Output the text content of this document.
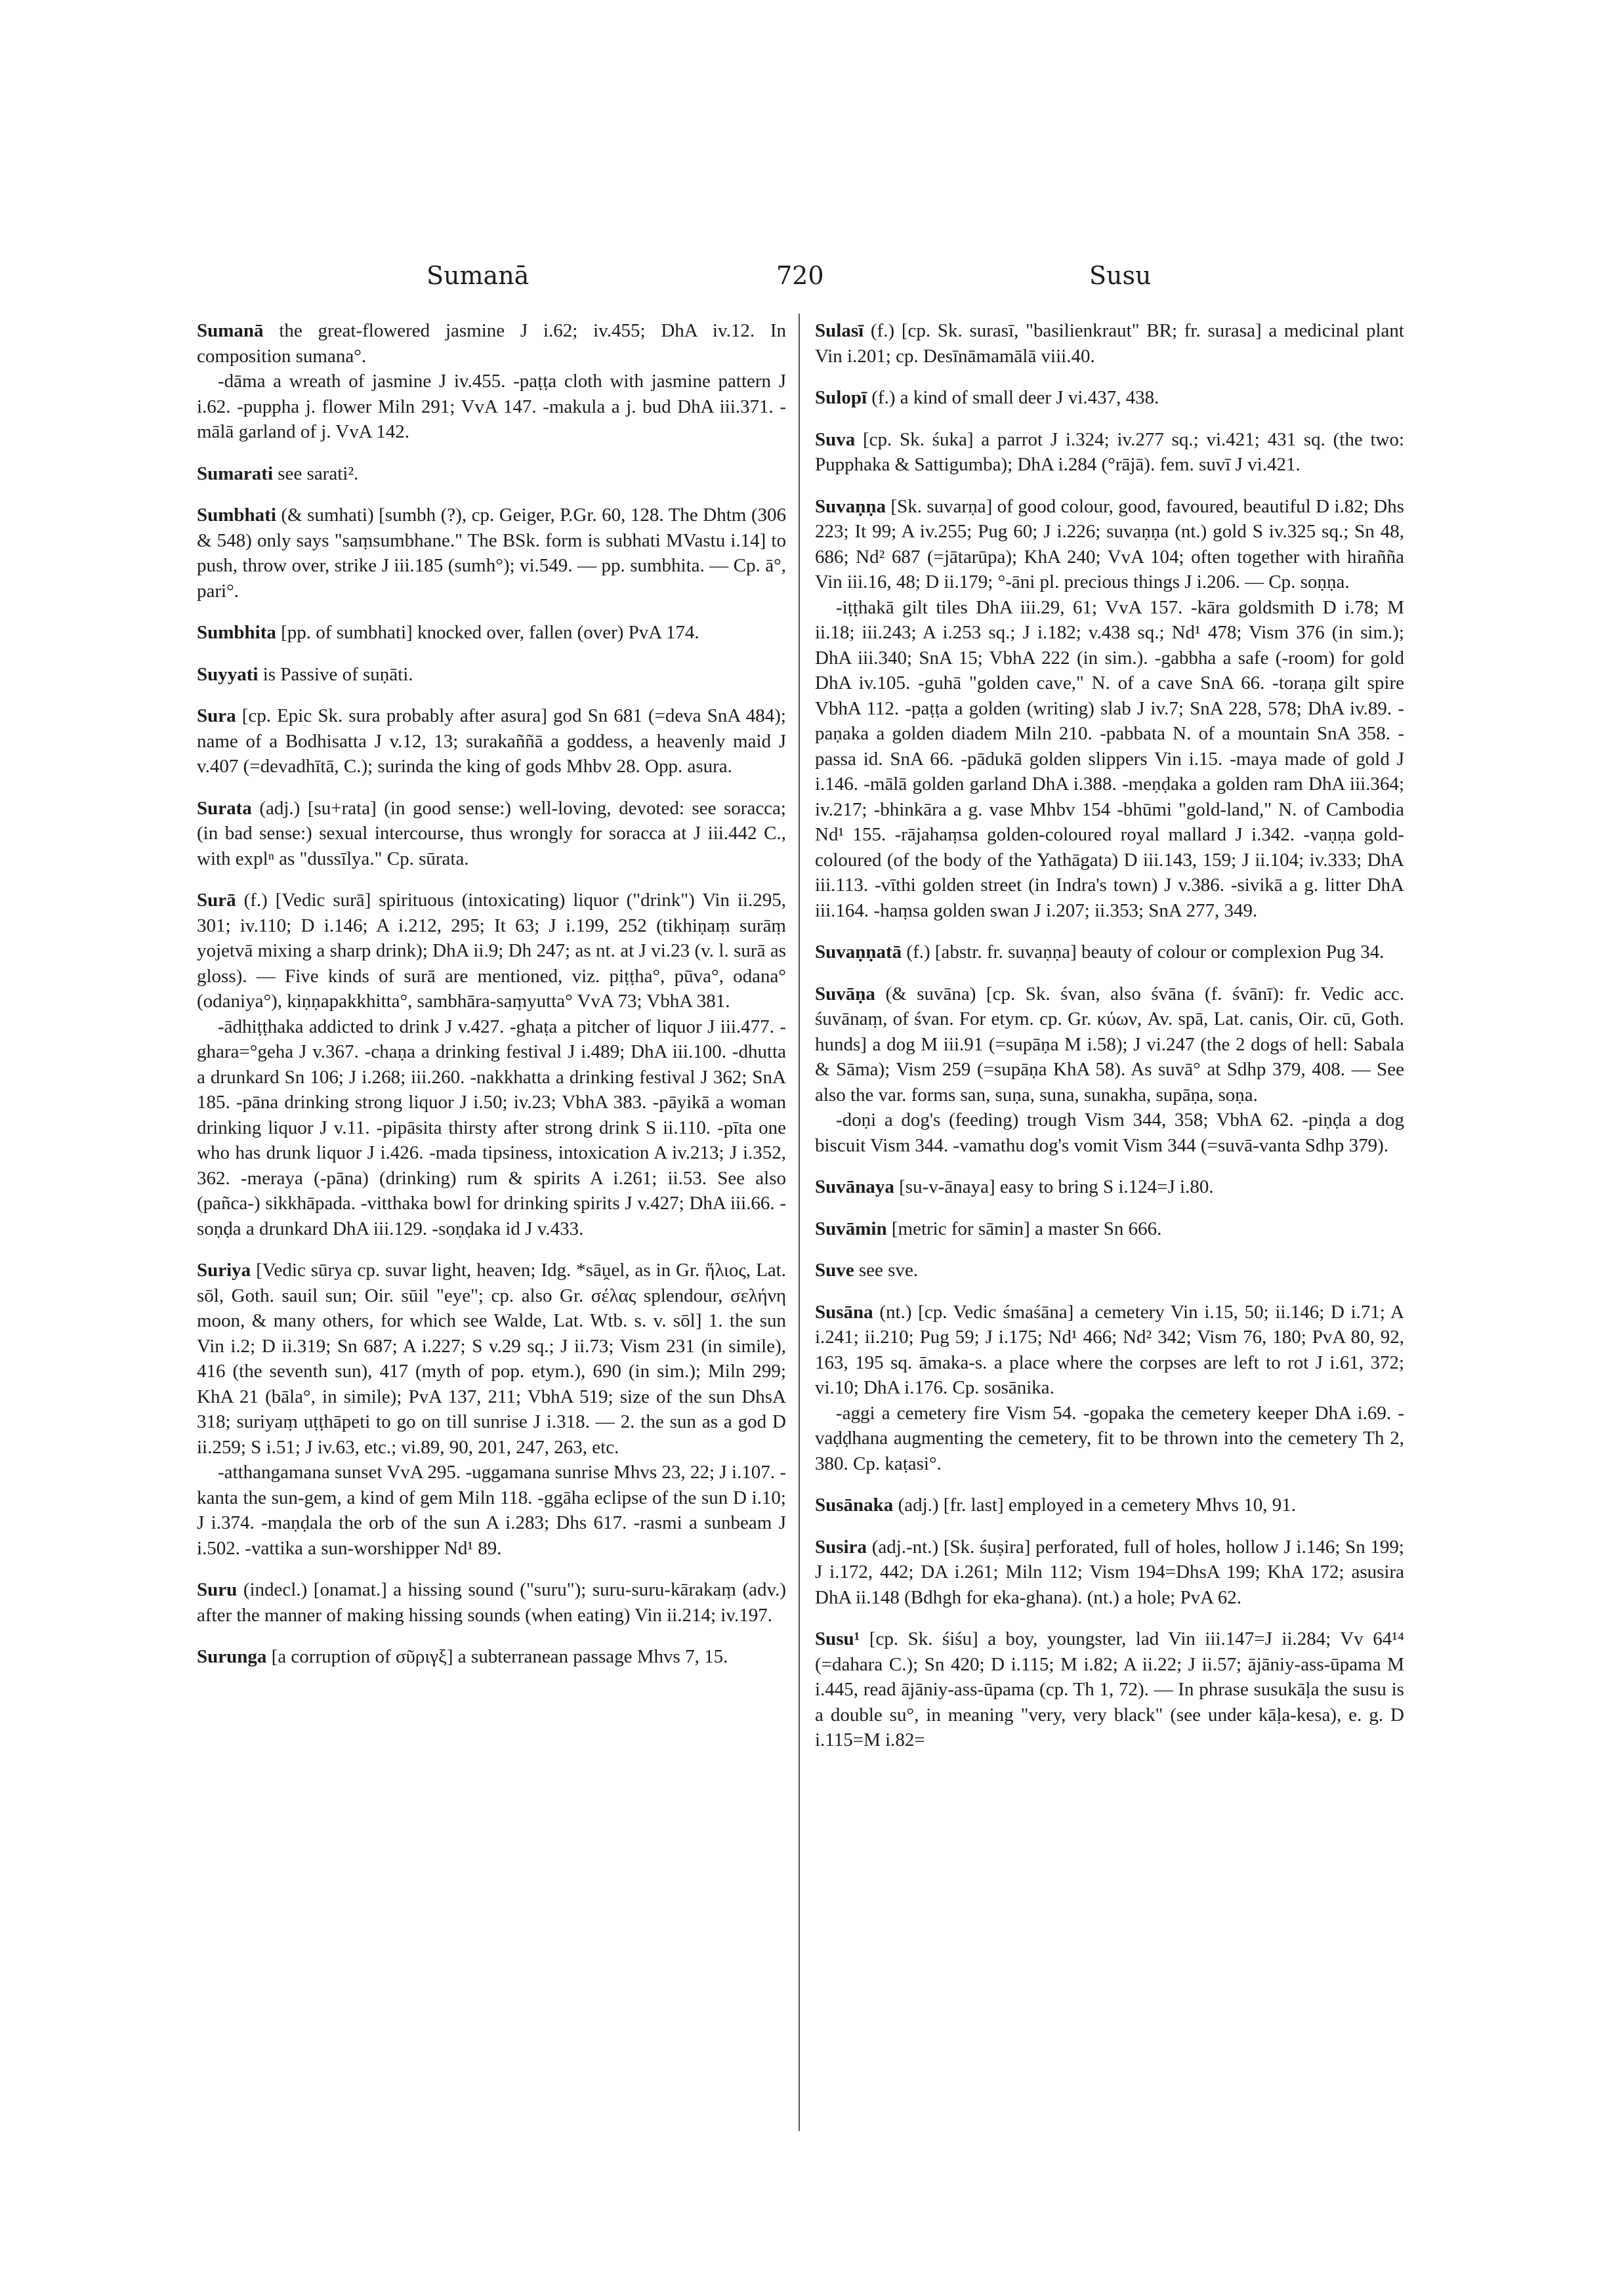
Sumanā	720	Susu

Sumanā the great-flowered jasmine J i.62; iv.455; DhA iv.12. In composition sumana°.

-dāma a wreath of jasmine J iv.455. -paṭṭa cloth with jasmine pattern J i.62. -puppha j. flower Miln 291; VvA 147. -makula a j. bud DhA iii.371. -mālā garland of j. VvA 142.

Sumarati see sarati².

Sumbhati (& sumhati) [sumbh (?), cp. Geiger, P.Gr. 60, 128. The Dhtm (306 & 548) only says "saṃsumbhane." The BSk. form is subhati MVastu i.14] to push, throw over, strike J iii.185 (sumh°); vi.549. — pp. sumbhita. — Cp. ā°, pari°.

Sumbhita [pp. of sumbhati] knocked over, fallen (over) PvA 174.

Suyyati is Passive of suṇāti.

Sura [cp. Epic Sk. sura probably after asura] god Sn 681 (=deva SnA 484); name of a Bodhisatta J v.12, 13; surakaññā a goddess, a heavenly maid J v.407 (=devadhītā, C.); surinda the king of gods Mhbv 28. Opp. asura.

Surata (adj.) [su+rata] (in good sense:) well-loving, devoted: see soracca; (in bad sense:) sexual intercourse, thus wrongly for soracca at J iii.442 C., with explⁿ as "dussīlya." Cp. sūrata.

Surā (f.) [Vedic surā] spirituous (intoxicating) liquor ("drink") Vin ii.295, 301; iv.110; D i.146; A i.212, 295; It 63; J i.199, 252 (tikhiṇaṃ surāṃ yojetvā mixing a sharp drink); DhA ii.9; Dh 247; as nt. at J vi.23 (v. l. surā as gloss). — Five kinds of surā are mentioned, viz. piṭṭha°, pūva°, odana° (odaniya°), kiṇṇapakkhitta°, sambhāra-saṃyutta° VvA 73; VbhA 381.

-ādhiṭṭhaka addicted to drink J v.427. -ghaṭa a pitcher of liquor J iii.477. -ghara=°geha J v.367. -chaṇa a drinking festival J i.489; DhA iii.100. -dhutta a drunkard Sn 106; J i.268; iii.260. -nakkhatta a drinking festival J 362; SnA 185. -pāna drinking strong liquor J i.50; iv.23; VbhA 383. -pāyikā a woman drinking liquor J v.11. -pipāsita thirsty after strong drink S ii.110. -pīta one who has drunk liquor J i.426. -mada tipsiness, intoxication A iv.213; J i.352, 362. -meraya (-pāna) (drinking) rum & spirits A i.261; ii.53. See also (pañca-) sikkhāpada. -vitthaka bowl for drinking spirits J v.427; DhA iii.66. -soṇḍa a drunkard DhA iii.129. -soṇḍaka id J v.433.

Suriya [Vedic sūrya cp. suvar light, heaven; Idg. *sāṷel, as in Gr. ἥλιος, Lat. sōl, Goth. sauil sun; Oir. sūil "eye"; cp. also Gr. σέλας splendour, σελήνη moon, & many others, for which see Walde, Lat. Wtb. s. v. sōl] 1. the sun Vin i.2; D ii.319; Sn 687; A i.227; S v.29 sq.; J ii.73; Vism 231 (in simile), 416 (the seventh sun), 417 (myth of pop. etym.), 690 (in sim.); Miln 299; KhA 21 (bāla°, in simile); PvA 137, 211; VbhA 519; size of the sun DhsA 318; suriyaṃ uṭṭhāpeti to go on till sunrise J i.318. — 2. the sun as a god D ii.259; S i.51; J iv.63, etc.; vi.89, 90, 201, 247, 263, etc.

-atthangamana sunset VvA 295. -uggamana sunrise Mhvs 23, 22; J i.107. -kanta the sun-gem, a kind of gem Miln 118. -ggāha eclipse of the sun D i.10; J i.374. -maṇḍala the orb of the sun A i.283; Dhs 617. -rasmi a sunbeam J i.502. -vattika a sun-worshipper Nd¹ 89.

Suru (indecl.) [onamat.] a hissing sound ("suru"); suru-suru-kārakaṃ (adv.) after the manner of making hissing sounds (when eating) Vin ii.214; iv.197.

Surunga [a corruption of σῦριγξ] a subterranean passage Mhvs 7, 15.

Sulasī (f.) [cp. Sk. surasī, "basilienkraut" BR; fr. surasa] a medicinal plant Vin i.201; cp. Desīnāmamālā viii.40.

Sulopī (f.) a kind of small deer J vi.437, 438.

Suva [cp. Sk. śuka] a parrot J i.324; iv.277 sq.; vi.421; 431 sq. (the two: Pupphaka & Sattigumba); DhA i.284 (°rājā). fem. suvī J vi.421.

Suvaṇṇa [Sk. suvarṇa] of good colour, good, favoured, beautiful D i.82; Dhs 223; It 99; A iv.255; Pug 60; J i.226; suvaṇṇa (nt.) gold S iv.325 sq.; Sn 48, 686; Nd² 687 (=jātarūpa); KhA 240; VvA 104; often together with hirañña Vin iii.16, 48; D ii.179; °-āni pl. precious things J i.206. — Cp. soṇṇa.

-iṭṭhakā gilt tiles DhA iii.29, 61; VvA 157. -kāra goldsmith D i.78; M ii.18; iii.243; A i.253 sq.; J i.182; v.438 sq.; Nd¹ 478; Vism 376 (in sim.); DhA iii.340; SnA 15; VbhA 222 (in sim.). -gabbha a safe (-room) for gold DhA iv.105. -guhā "golden cave," N. of a cave SnA 66. -toraṇa gilt spire VbhA 112. -paṭṭa a golden (writing) slab J iv.7; SnA 228, 578; DhA iv.89. -paṇaka a golden diadem Miln 210. -pabbata N. of a mountain SnA 358. -passa id. SnA 66. -pādukā golden slippers Vin i.15. -maya made of gold J i.146. -mālā golden garland DhA i.388. -meṇḍaka a golden ram DhA iii.364; iv.217; -bhinkāra a g. vase Mhbv 154 -bhūmi "gold-land," N. of Cambodia Nd¹ 155. -rājahaṃsa golden-coloured royal mallard J i.342. -vaṇṇa gold-coloured (of the body of the Yathāgata) D iii.143, 159; J ii.104; iv.333; DhA iii.113. -vīthi golden street (in Indra's town) J v.386. -sivikā a g. litter DhA iii.164. -haṃsa golden swan J i.207; ii.353; SnA 277, 349.

Suvaṇṇatā (f.) [abstr. fr. suvaṇṇa] beauty of colour or complexion Pug 34.

Suvāṇa (& suvāna) [cp. Sk. śvan, also śvāna (f. śvānī): fr. Vedic acc. śuvānaṃ, of śvan. For etym. cp. Gr. κύων, Av. spā, Lat. canis, Oir. cū, Goth. hunds] a dog M iii.91 (=supāṇa M i.58); J vi.247 (the 2 dogs of hell: Sabala & Sāma); Vism 259 (=supāṇa KhA 58). As suvā° at Sdhp 379, 408. — See also the var. forms san, suṇa, suna, sunakha, supāṇa, soṇa.

-doṇi a dog's (feeding) trough Vism 344, 358; VbhA 62. -piṇḍa a dog biscuit Vism 344. -vamathu dog's vomit Vism 344 (=suvā-vanta Sdhp 379).

Suvānaya [su-v-ānaya] easy to bring S i.124=J i.80.

Suvāmin [metric for sāmin] a master Sn 666.

Suve see sve.

Susāna (nt.) [cp. Vedic śmaśāna] a cemetery Vin i.15, 50; ii.146; D i.71; A i.241; ii.210; Pug 59; J i.175; Nd¹ 466; Nd² 342; Vism 76, 180; PvA 80, 92, 163, 195 sq. āmaka-s. a place where the corpses are left to rot J i.61, 372; vi.10; DhA i.176. Cp. sosānika.

-aggi a cemetery fire Vism 54. -gopaka the cemetery keeper DhA i.69. -vaḍḍhana augmenting the cemetery, fit to be thrown into the cemetery Th 2, 380. Cp. kaṭasi°.

Susānaka (adj.) [fr. last] employed in a cemetery Mhvs 10, 91.

Susira (adj.-nt.) [Sk. śuṣira] perforated, full of holes, hollow J i.146; Sn 199; J i.172, 442; DA i.261; Miln 112; Vism 194=DhsA 199; KhA 172; asusira DhA ii.148 (Bdhgh for eka-ghana). (nt.) a hole; PvA 62.

Susu¹ [cp. Sk. śiśu] a boy, youngster, lad Vin iii.147=J ii.284; Vv 64¹⁴ (=dahara C.); Sn 420; D i.115; M i.82; A ii.22; J ii.57; ājāniy-ass-ūpama M i.445, read ājāniy-ass-ūpama (cp. Th 1, 72). — In phrase susukāḷa the susu is a double su°, in meaning "very, very black" (see under kāḷa-kesa), e. g. D i.115=M i.82=
